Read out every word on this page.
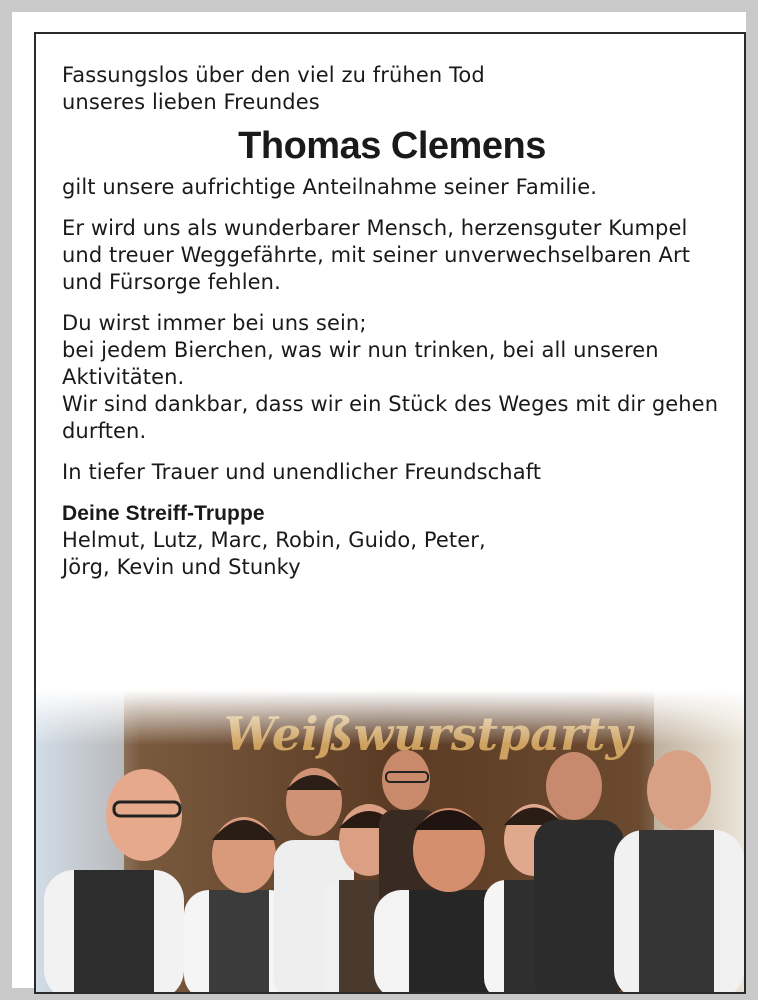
Fassungslos über den viel zu frühen Tod

unseres lieben Freundes

Thomas Clemens

gilt unsere aufrichtige Anteilnahme seiner Familie.

Er wird uns als wunderbarer Mensch, herzensguter Kumpel und treuer Weggefährte, mit seiner unverwechselbaren Art und Fürsorge fehlen.

Du wirst immer bei uns sein;

bei jedem Bierchen, was wir nun trinken, bei all unseren Aktivitäten.

Wir sind dankbar, dass wir ein Stück des Weges mit dir gehen durften.

In tiefer Trauer und unendlicher Freundschaft

Deine Streiff-Truppe

Helmut, Lutz, Marc, Robin, Guido, Peter,

Jörg, Kevin und Stunky
